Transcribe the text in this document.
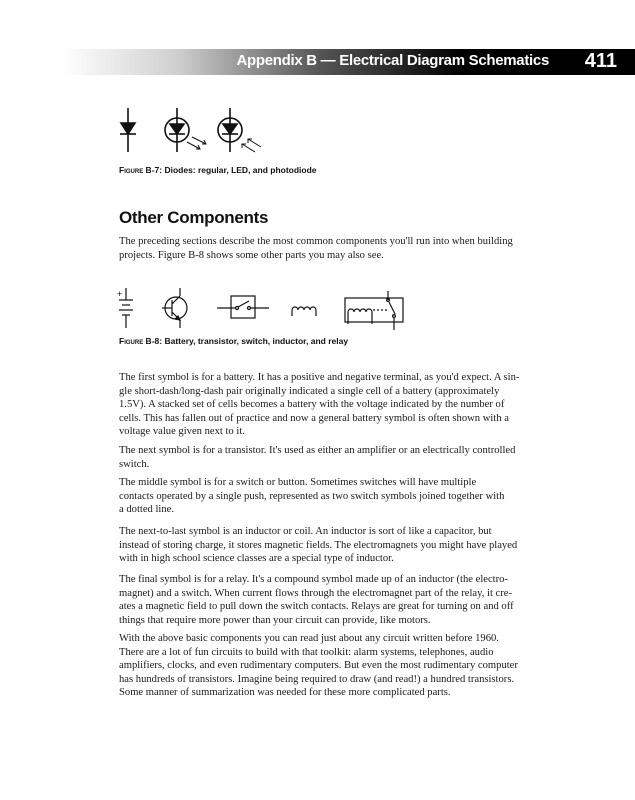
Appendix B — Electrical Diagram Schematics 411
Figure B-7: Diodes: regular, LED, and photodiode
Other Components

The preceding sections describe the most common components you'll run into when building
projects. Figure B-8 shows some other parts you may also see.

+
Figure B-8: Battery, transistor, switch, inductor, and relay

The first symbol is for a battery. It has a positive and negative terminal, as you'd expect. A sin-
gle short-dash/long-dash pair originally indicated a single cell of a battery (approximately
1.5V). A stacked set of cells becomes a battery with the voltage indicated by the number of
cells. This has fallen out of practice and now a general battery symbol is often shown with a
voltage value given next to it.

The next symbol is for a transistor. It's used as either an amplifier or an electrically controlled
switch.

The middle symbol is for a switch or button. Sometimes switches will have multiple
contacts operated by a single push, represented as two switch symbols joined together with
a dotted line.

The next-to-last symbol is an inductor or coil. An inductor is sort of like a capacitor, but
instead of storing charge, it stores magnetic fields. The electromagnets you might have played
with in high school science classes are a special type of inductor.

The final symbol is for a relay. It's a compound symbol made up of an inductor (the electro-
magnet) and a switch. When current flows through the electromagnet part of the relay, it cre-
ates a magnetic field to pull down the switch contacts. Relays are great for turning on and off
things that require more power than your circuit can provide, like motors.

With the above basic components you can read just about any circuit written before 1960.
There are a lot of fun circuits to build with that toolkit: alarm systems, telephones, audio
amplifiers, clocks, and even rudimentary computers. But even the most rudimentary computer
has hundreds of transistors. Imagine being required to draw (and read!) a hundred transistors.
Some manner of summarization was needed for these more complicated parts.
